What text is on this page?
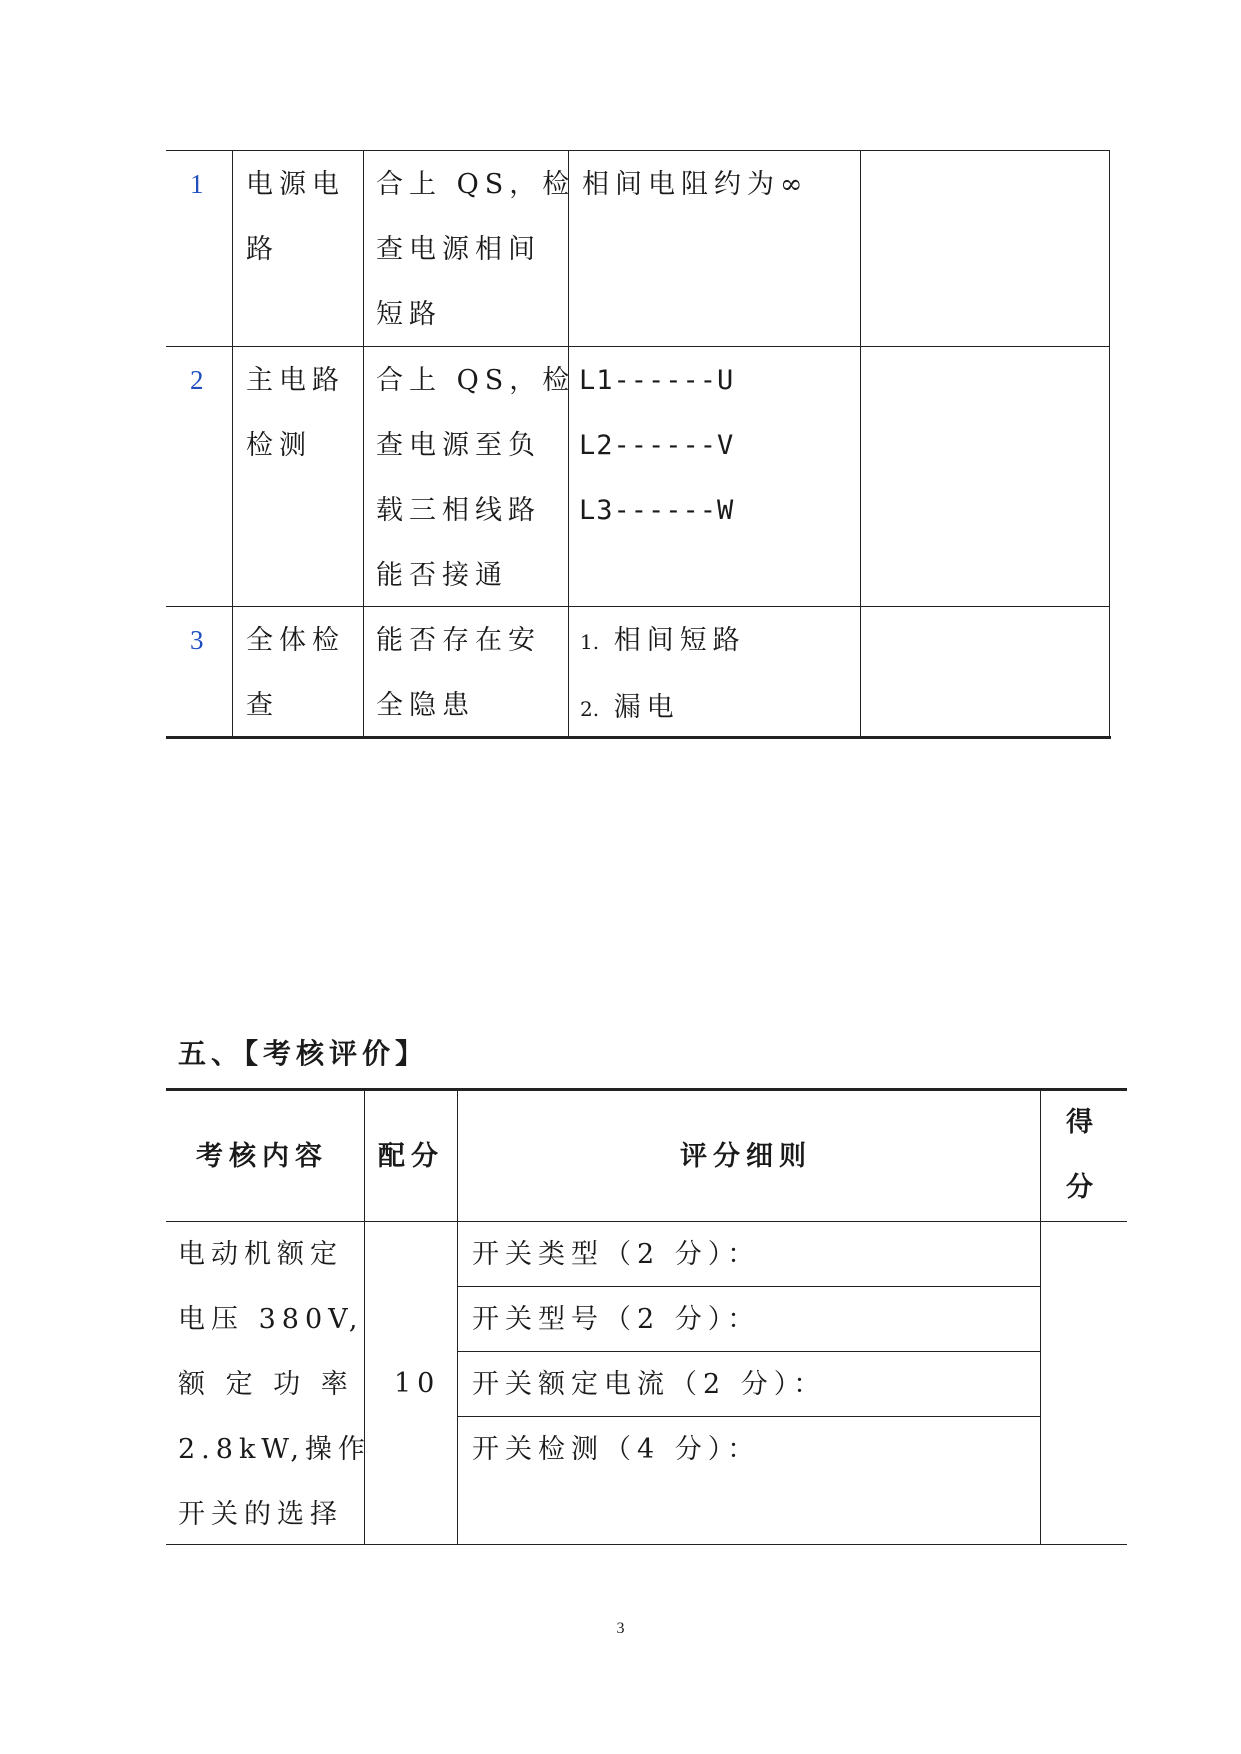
1 电源电
路
合上 QS，检
查电源相间
短路
相间电阻约为∞
2 主电路
检测
合上 QS，检
查电源至负
载三相线路
能否接通
L1------U
L2------V
L3------W
3 全体检
查
能否存在安
全隐患
1. 相间短路
2. 漏电
五、【考核评价】
考核内容 配分	评分细则
得
分
电动机额定
电压 380V,
额 定 功 率
2.8kW,操作
开关的选择
10
开关类型（2 分）：
开关型号（2 分）：
开关额定电流（2 分）：
开关检测（4 分）：
3
